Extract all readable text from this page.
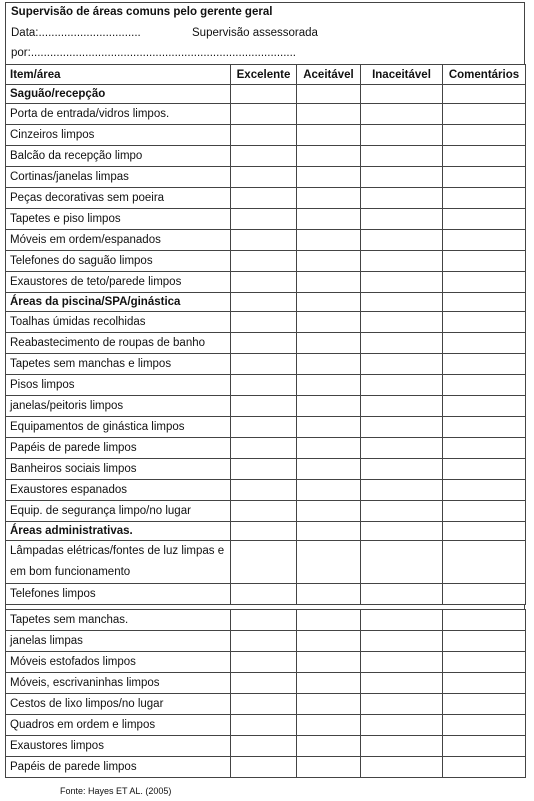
Supervisão de áreas comuns pelo gerente geral
Data:................................	Supervisão assessorada
por:...................................................................................
Item/área	Excelente	Aceitável	Inaceitável	Comentários
Saguão/recepção				
Porta de entrada/vidros limpos.				
Cinzeiros limpos				
Balcão da recepção limpo				
Cortinas/janelas limpas				
Peças decorativas sem poeira				
Tapetes e piso limpos				
Móveis em ordem/espanados				
Telefones do saguão limpos				
Exaustores de teto/parede limpos				
Áreas da piscina/SPA/ginástica				
Toalhas úmidas recolhidas				
Reabastecimento de roupas de banho				
Tapetes sem manchas e limpos				
Pisos limpos				
janelas/peitoris limpos				
Equipamentos de ginástica limpos				
Papéis de parede limpos				
Banheiros sociais limpos				
Exaustores espanados				
Equip. de segurança limpo/no lugar				
Áreas administrativas.				
Lâmpadas elétricas/fontes de luz limpas e em bom funcionamento				
Telefones limpos				
Tapetes sem manchas.				
janelas limpas				
Móveis estofados limpos				
Móveis, escrivaninhas limpos				
Cestos de lixo limpos/no lugar				
Quadros em ordem e limpos				
Exaustores limpos				
Papéis de parede limpos				
Fonte: Hayes ET AL. (2005)
